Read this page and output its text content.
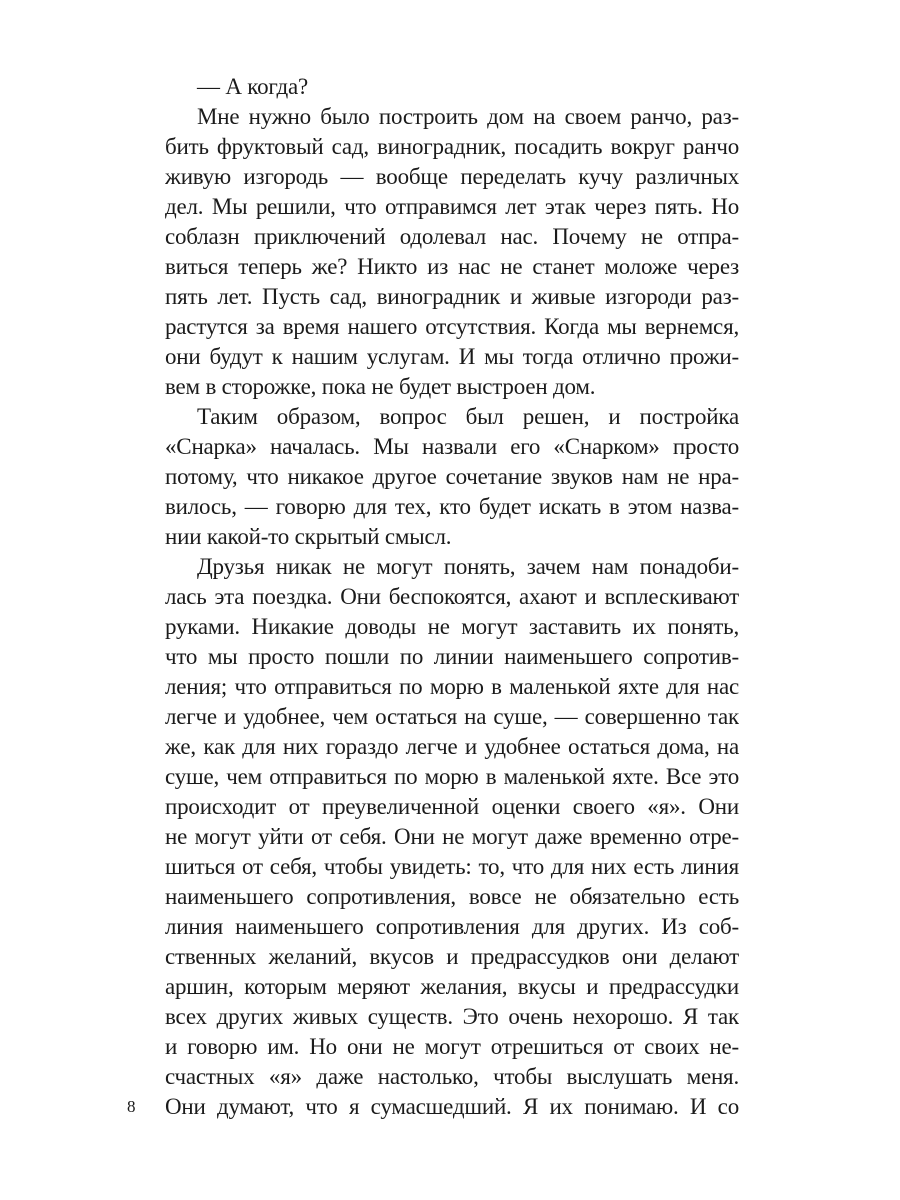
— А когда?
Мне нужно было построить дом на своем ранчо, раз-
бить фруктовый сад, виноградник, посадить вокруг ранчо
живую изгородь — вообще переделать кучу различных
дел. Мы решили, что отправимся лет этак через пять. Но
соблазн приключений одолевал нас. Почему не отпра-
виться теперь же? Никто из нас не станет моложе через
пять лет. Пусть сад, виноградник и живые изгороди раз-
растутся за время нашего отсутствия. Когда мы вернемся,
они будут к нашим услугам. И мы тогда отлично прожи-
вем в сторожке, пока не будет выстроен дом.
Таким образом, вопрос был решен, и постройка
«Снарка» началась. Мы назвали его «Снарком» просто
потому, что никакое другое сочетание звуков нам не нра-
вилось, — говорю для тех, кто будет искать в этом назва-
нии какой-то скрытый смысл.
Друзья никак не могут понять, зачем нам понадоби-
лась эта поездка. Они беспокоятся, ахают и всплескивают
руками. Никакие доводы не могут заставить их понять,
что мы просто пошли по линии наименьшего сопротив-
ления; что отправиться по морю в маленькой яхте для нас
легче и удобнее, чем остаться на суше, — совершенно так
же, как для них гораздо легче и удобнее остаться дома, на
суше, чем отправиться по морю в маленькой яхте. Все это
происходит от преувеличенной оценки своего «я». Они
не могут уйти от себя. Они не могут даже временно отре-
шиться от себя, чтобы увидеть: то, что для них есть линия
наименьшего сопротивления, вовсе не обязательно есть
линия наименьшего сопротивления для других. Из соб-
ственных желаний, вкусов и предрассудков они делают
аршин, которым меряют желания, вкусы и предрассудки
всех других живых существ. Это очень нехорошо. Я так
и говорю им. Но они не могут отрешиться от своих не-
счастных «я» даже настолько, чтобы выслушать меня.
Они думают, что я сумасшедший. Я их понимаю. И со
8
